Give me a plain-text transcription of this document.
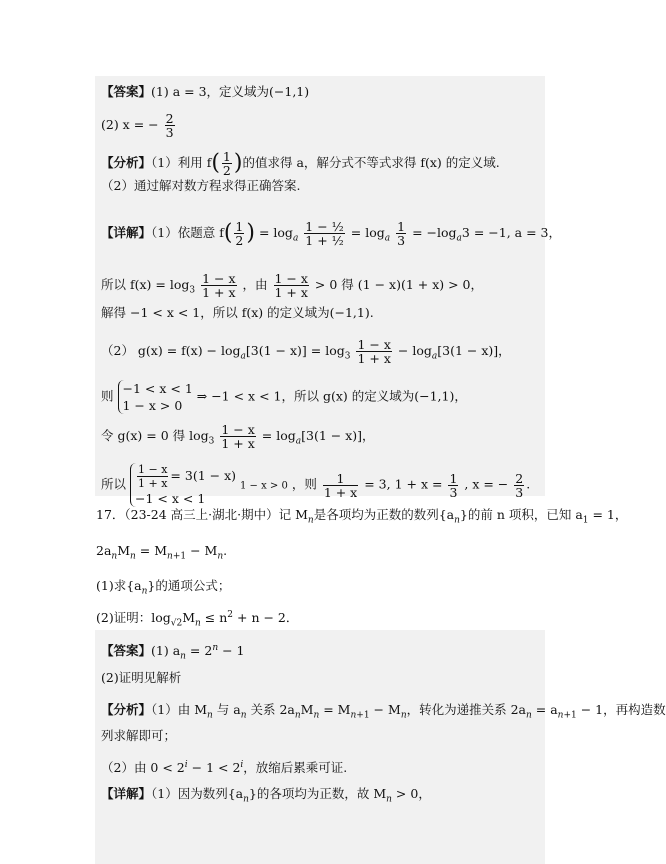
【答案】(1) a = 3，定义域为(−1,1)
(2) x = − $\frac{2}{3}$
【分析】（1）利用 $f( \frac{1}{2}$ )的值求得 a，解分式不等式求得 f(x) 的定义域.
（2）通过解对数方程求得正确答案.
【详解】（1）依题意 $f( \frac{1}{2}$ ) = $\log_a \frac{\text{1 − ½}}{\text{1 + ½}} = \log_a \frac{1}{3} = -\log_a3 = -1$, a = 3，
所以 $f(x) = \log_3 \frac{1 - x}{1 + x}$ ，由 $\frac{1 - x}{1 + x} > 0$ 得 (1 − x)(1 + x) > 0，
解得 −1 < x < 1，所以 f(x) 的定义域为(−1,1).
（2） $g(x) = f(x) - \log_a[3(1 - x)] = \log_3 \frac{1 - x}{1 + x} - \log_a[3(1 - x)]$，
则 −1 < x < 1
1 − x > 0
⇒ −1 < x < 1，所以 g(x) 的定义域为(−1,1)，
令 g(x) = 0 得 $\log_3 \frac{1 - x}{1 + x} = \log_a[3(1 - x)]$，
所以 $\frac{1 - x}{1 + x} = 3(1 - x)$
−1 < x < 1
1 − x > 0 ，则 $\frac{1}{1 + x} = 3$, $1 + x = \frac{1}{3}$ , x = − $\frac{2}{3}$ .
17．（23-24 高三上·湖北·期中）记 $M_n$是各项均为正数的数列$\{a_n\}$的前 n 项积，已知 $a_1 = 1$，
$2a_nM_n = M_{n+1} - M_n$.
(1)求$\{a_n\}$的通项公式；
(2)证明：$\log_{√2}M_n \le n^2 + n - 2$．
【答案】(1) $a_n = 2^n - 1$
(2)证明见解析
【分析】（1）由 $M_n$ 与 $a_n$ 关系 $2a_nM_n = M_{n+1} - M_n$，转化为递推关系 $2a_n = a_{n+1} - 1$，再构造数
列求解即可；
（2）由 $0 < 2^i - 1 < 2^i$，放缩后累乘可证.
【详解】（1）因为数列$\{a_n\}$的各项均为正数，故 $M_n > 0$，
